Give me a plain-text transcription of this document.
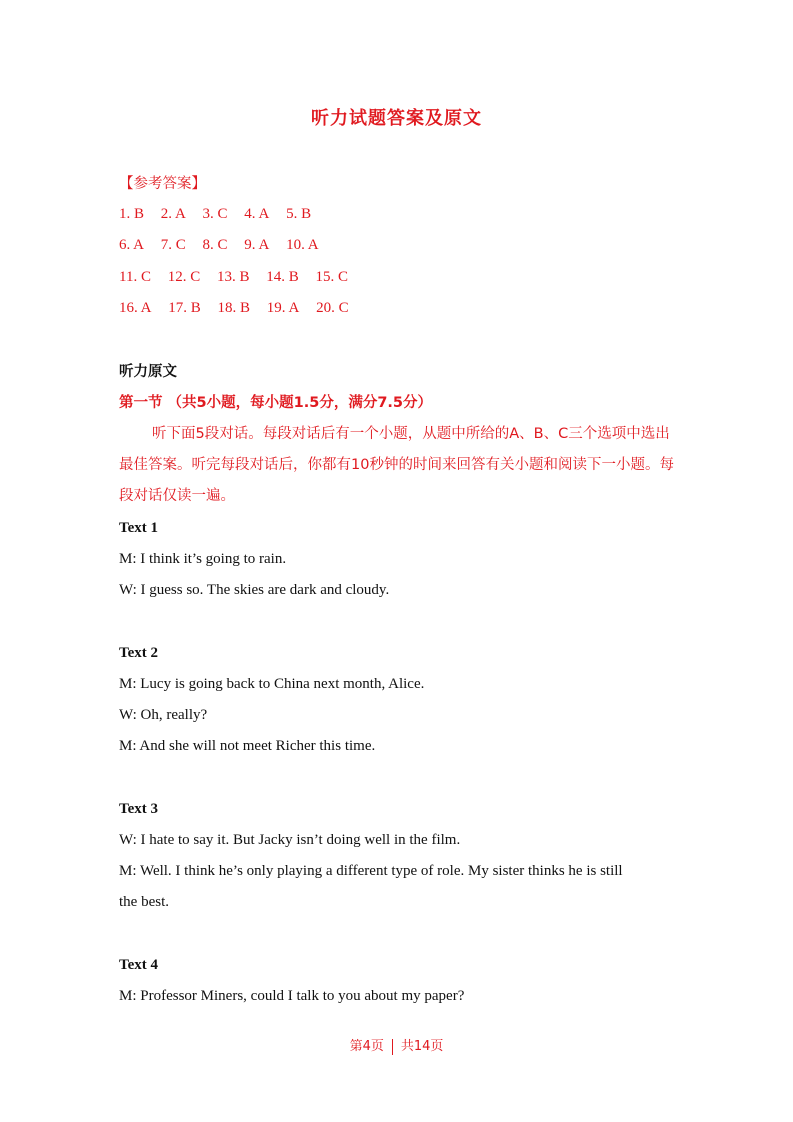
听力试题答案及原文
【参考答案】
1. B 2. A 3. C 4. A 5. B
6. A 7. C 8. C 9. A 10. A
11. C 12. C 13. B 14. B 15. C
16. A 17. B 18. B 19. A 20. C
听力原文
第一节 （共5小题，每小题1.5分，满分7.5分）
听下面5段对话。每段对话后有一个小题，从题中所给的A、B、C三个选项中选出最佳答案。听完每段对话后，你都有10秒钟的时间来回答有关小题和阅读下一小题。每段对话仅读一遍。
Text 1
M: I think it’s going to rain.
W: I guess so. The skies are dark and cloudy.
Text 2
M: Lucy is going back to China next month, Alice.
W: Oh, really?
M: And she will not meet Richer this time.
Text 3
W: I hate to say it. But Jacky isn’t doing well in the film.
M: Well. I think he’s only playing a different type of role. My sister thinks he is still
the best.
Text 4
M: Professor Miners, could I talk to you about my paper?
第4页 共14页
